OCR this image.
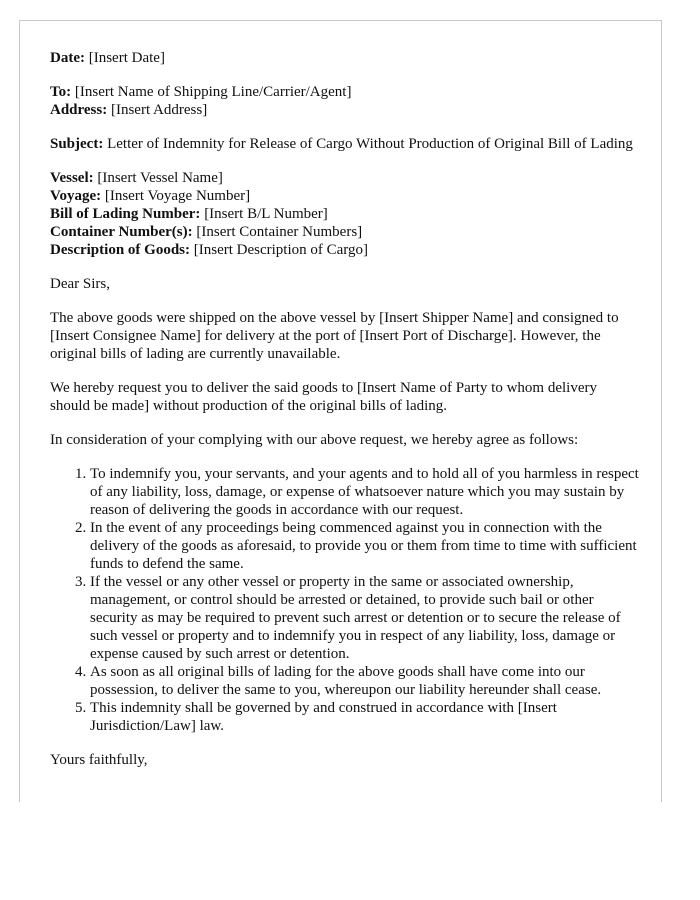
Date: [Insert Date]

To: [Insert Name of Shipping Line/Carrier/Agent]
Address: [Insert Address]

Subject: Letter of Indemnity for Release of Cargo Without Production of Original Bill of Lading

Vessel: [Insert Vessel Name]
Voyage: [Insert Voyage Number]
Bill of Lading Number: [Insert B/L Number]
Container Number(s): [Insert Container Numbers]
Description of Goods: [Insert Description of Cargo]

Dear Sirs,

The above goods were shipped on the above vessel by [Insert Shipper Name] and consigned to [Insert Consignee Name] for delivery at the port of [Insert Port of Discharge]. However, the original bills of lading are currently unavailable.

We hereby request you to deliver the said goods to [Insert Name of Party to whom delivery should be made] without production of the original bills of lading.

In consideration of your complying with our above request, we hereby agree as follows:

1. To indemnify you, your servants, and your agents and to hold all of you harmless in respect of any liability, loss, damage, or expense of whatsoever nature which you may sustain by reason of delivering the goods in accordance with our request.
2. In the event of any proceedings being commenced against you in connection with the delivery of the goods as aforesaid, to provide you or them from time to time with sufficient funds to defend the same.
3. If the vessel or any other vessel or property in the same or associated ownership, management, or control should be arrested or detained, to provide such bail or other security as may be required to prevent such arrest or detention or to secure the release of such vessel or property and to indemnify you in respect of any liability, loss, damage or expense caused by such arrest or detention.
4. As soon as all original bills of lading for the above goods shall have come into our possession, to deliver the same to you, whereupon our liability hereunder shall cease.
5. This indemnity shall be governed by and construed in accordance with [Insert Jurisdiction/Law] law.

Yours faithfully,
